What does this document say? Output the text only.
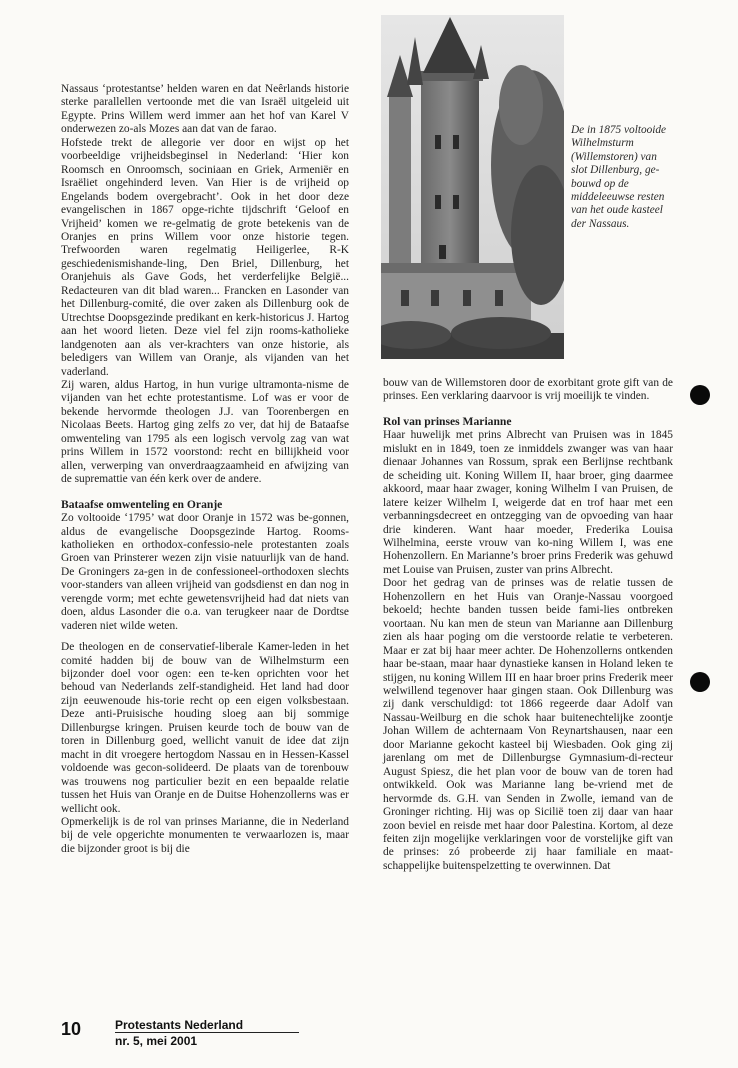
Nassaus ‘protestantse’ helden waren en dat Neêrlands historie sterke parallellen vertoonde met die van Israël uitgeleid uit Egypte. Prins Willem werd immer aan het hof van Karel V onderwezen zo-als Mozes aan dat van de farao.

Hofstede trekt de allegorie ver door en wijst op het voorbeeldige vrijheidsbeginsel in Nederland: ‘Hier kon Roomsch en Onroomsch, sociniaan en Griek, Armeniër en Israëliet ongehinderd leven. Van Hier is de vrijheid op Engelands bodem overgebracht’. Ook in het door deze evangelischen in 1867 opge-richte tijdschrift ‘Geloof en Vrijheid’ komen we re-gelmatig de grote betekenis van de Oranjes en prins Willem voor onze historie tegen. Trefwoorden waren regelmatig Heiligerlee, R-K geschiedenismishande-ling, Den Briel, Dillenburg, het Oranjehuis als Gave Gods, het verderfelijke België... Redacteuren van dit blad waren... Francken en Lasonder van het Dillenburg-comité, die over zaken als Dillenburg ook de Utrechtse Doopsgezinde predikant en kerk-historicus J. Hartog aan het woord lieten. Deze viel fel zijn rooms-katholieke landgenoten aan als ver-krachters van onze historie, als beledigers van Willem van Oranje, als vijanden van het vaderland.

Zij waren, aldus Hartog, in hun vurige ultramonta-nisme de vijanden van het echte protestantisme. Lof was er voor de bekende hervormde theologen J.J. van Toorenbergen en Nicolaas Beets. Hartog ging zelfs zo ver, dat hij de Bataafse omwenteling van 1795 als een logisch vervolg zag van wat prins Willem in 1572 voorstond: recht en billijkheid voor allen, verwerping van onverdraagzaamheid en afwijzing van de supremattie van één kerk over de andere.

Bataafse omwenteling en Oranje

Zo voltooide ‘1795’ wat door Oranje in 1572 was be-gonnen, aldus de evangelische Doopsgezinde Hartog. Rooms-katholieken en orthodox-confessio-nele protestanten zoals Groen van Prinsterer wezen zijn visie natuurlijk van de hand. De Groningers za-gen in de confessioneel-orthodoxen slechts voor-standers van alleen vrijheid van godsdienst en dan nog in verengde vorm; met echte gewetensvrijheid had dat niets van doen, aldus Lasonder die o.a. van terugkeer naar de Dordtse vaderen niet wilde weten.

De theologen en de conservatief-liberale Kamer-leden in het comité hadden bij de bouw van de Wilhelmsturm een bijzonder doel voor ogen: een te-ken oprichten voor het behoud van Nederlands zelf-standigheid. Het land had door zijn eeuwenoude his-torie recht op een eigen volksbestaan. Deze anti-Pruisische houding sloeg aan bij sommige Dillenburgse kringen. Pruisen keurde toch de bouw van de toren in Dillenburg goed, wellicht vanuit de idee dat zijn macht in dit vroegere hertogdom Nassau en in Hessen-Kassel voldoende was gecon-solideerd. De plaats van de torenbouw was trouwens nog particulier bezit en een bepaalde relatie tussen het Huis van Oranje en de Duitse Hohenzollerns was er wellicht ook.

Opmerkelijk is de rol van prinses Marianne, die in Nederland bij de vele opgerichte monumenten te verwaarlozen is, maar die bijzonder groot is bij die

De in 1875 voltooide Wilhelmsturm (Willemstoren) van slot Dillenburg, ge-bouwd op de middeleeuwse resten van het oude kasteel der Nassaus.

bouw van de Willemstoren door de exorbitant grote gift van de prinses. Een verklaring daarvoor is vrij moeilijk te vinden.

Rol van prinses Marianne

Haar huwelijk met prins Albrecht van Pruisen was in 1845 mislukt en in 1849, toen ze inmiddels zwanger was van haar dienaar Johannes van Rossum, sprak een Berlijnse rechtbank de scheiding uit. Koning Willem II, haar broer, ging daarmee akkoord, maar haar zwager, koning Wilhelm I van Pruisen, de latere keizer Wilhelm I, weigerde dat en trof haar met een verbanningsdecreet en ontzegging van de opvoeding van haar drie kinderen. Want haar moeder, Frederika Louisa Wilhelmina, eerste vrouw van ko-ning Willem I, was ene Hohenzollern. En Marianne’s broer prins Frederik was gehuwd met Louise van Pruisen, zuster van prins Albrecht.

Door het gedrag van de prinses was de relatie tussen de Hohenzollern en het Huis van Oranje-Nassau voorgoed bekoeld; hechte banden tussen beide fami-lies ontbreken voortaan. Nu kan men de steun van Marianne aan Dillenburg zien als haar poging om die verstoorde relatie te verbeteren. Maar er zat bij haar meer achter. De Hohenzollerns ontkenden haar be-staan, maar haar dynastieke kansen in Holand leken te stijgen, nu koning Willem III en haar broer prins Frederik meer welwillend tegenover haar gingen staan. Ook Dillenburg was zij dank verschuldigd: tot 1866 regeerde daar Adolf van Nassau-Weilburg en die schok haar buitenechtelijke zoontje Johan Willem de achternaam Von Reynartshausen, naar een door Marianne gekocht kasteel bij Wiesbaden. Ook ging zij jarenlang om met de Dillenburgse Gymnasium-di-recteur August Spiesz, die het plan voor de bouw van de toren had ontwikkeld. Ook was Marianne lang be-vriend met de hervormde ds. G.H. van Senden in Zwolle, iemand van de Groninger richting. Hij was op Sicilië toen zij daar van haar zoon beviel en reisde met haar door Palestina. Kortom, al deze feiten zijn mogelijke verklaringen voor de vorstelijke gift van de prinses: zó probeerde zij haar familiale en maat-schappelijke buitenspelzetting te overwinnen. Dat

10	Protestants Nederland
nr. 5, mei 2001
